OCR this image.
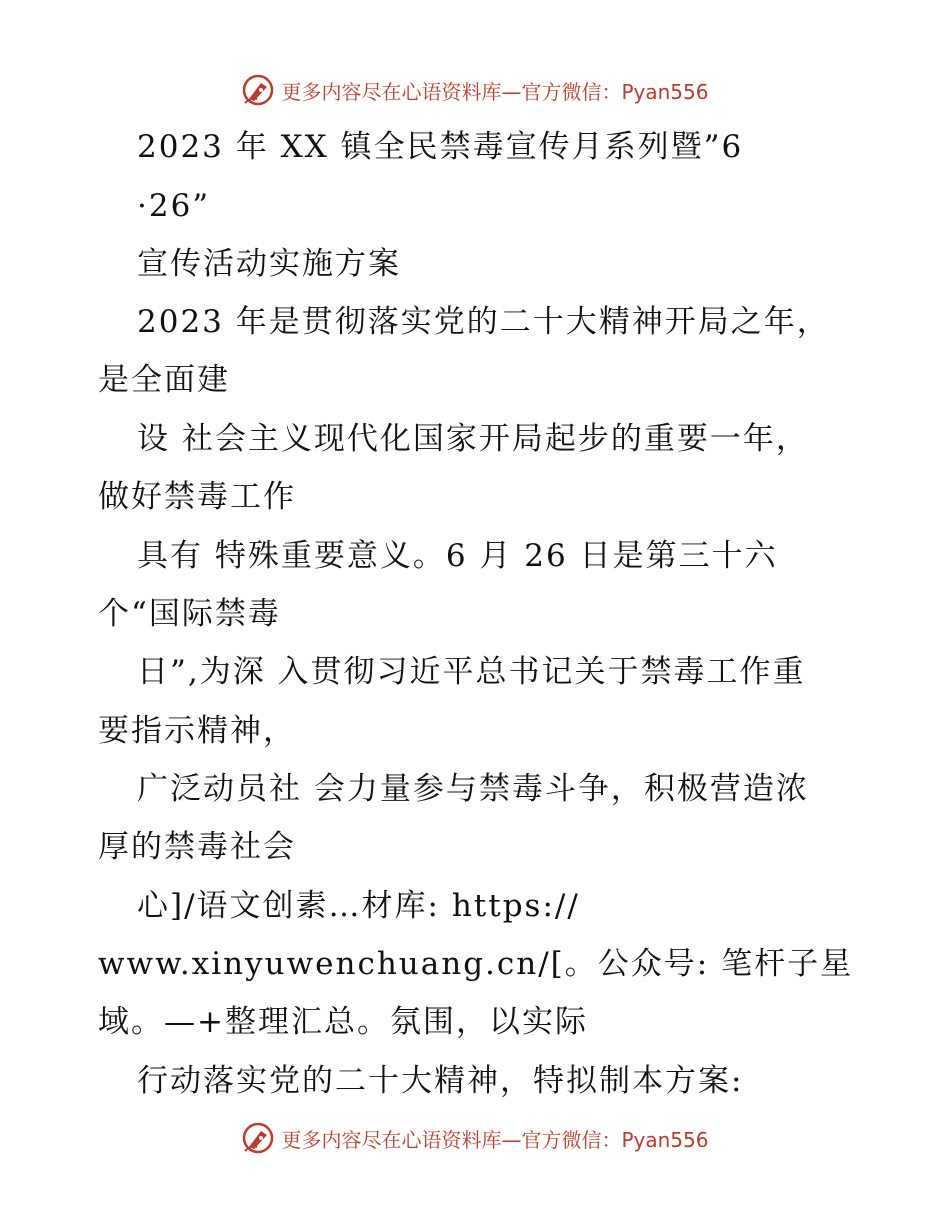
更多内容尽在心语资料库—官方微信：Pyan556
2023 年 XX 镇全民禁毒宣传月系列暨”6
·26”
宣传活动实施方案
2023 年是贯彻落实党的二十大精神开局之年，
是全面建
设 社会主义现代化国家开局起步的重要一年，
做好禁毒工作
具有 特殊重要意义。6 月 26 日是第三十六
个“国际禁毒
日”,为深 入贯彻习近平总书记关于禁毒工作重
要指示精神，
广泛动员社 会力量参与禁毒斗争，积极营造浓
厚的禁毒社会
心]/语文创素…材库: https://
www.xinyuwenchuang.cn/[。公众号: 笔杆子星
域。—+整理汇总。氛围，以实际
行动落实党的二十大精神，特拟制本方案:
更多内容尽在心语资料库—官方微信：Pyan556
